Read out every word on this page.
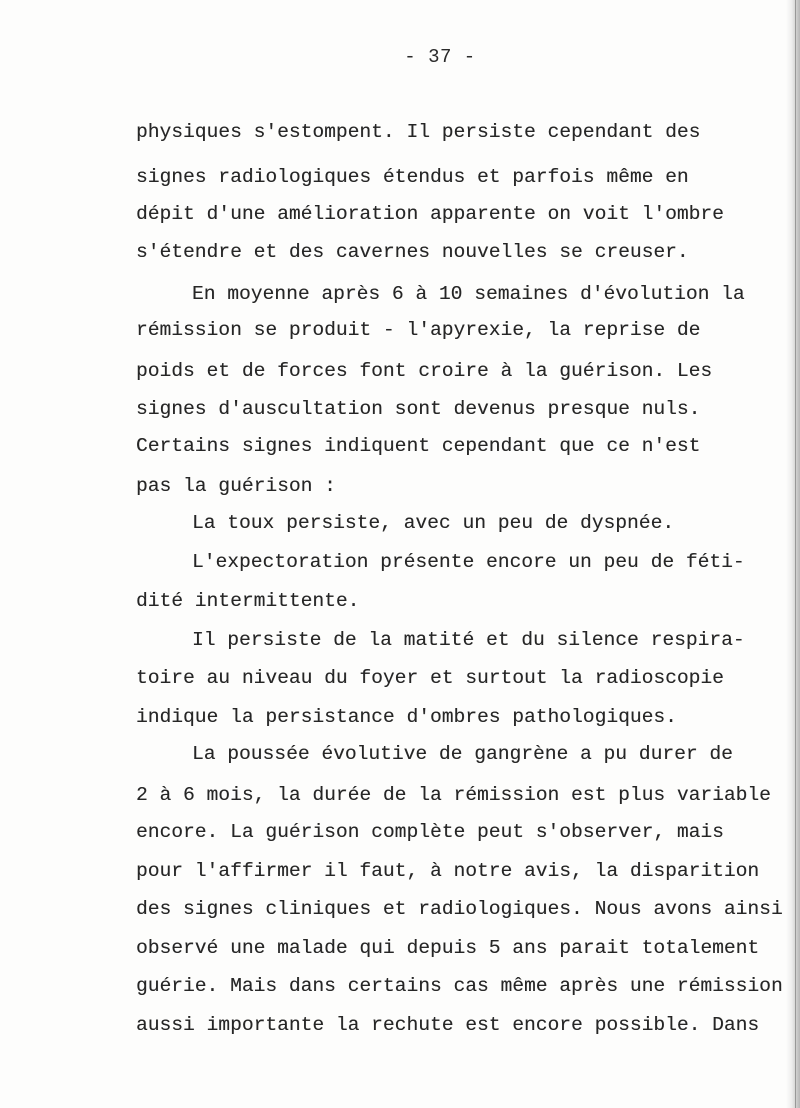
- 37 -
physiques s'estompent. Il persiste cependant des
signes radiologiques étendus et parfois même en
dépit d'une amélioration apparente on voit l'ombre
s'étendre et des cavernes nouvelles se creuser.
En moyenne après 6 à 10 semaines d'évolution la
rémission se produit - l'apyrexie, la reprise de
poids et de forces font croire à la guérison. Les
signes d'auscultation sont devenus presque nuls.
Certains signes indiquent cependant que ce n'est
pas la guérison :
La toux persiste, avec un peu de dyspnée.
L'expectoration présente encore un peu de féti-
dité intermittente.
Il persiste de la matité et du silence respira-
toire au niveau du foyer et surtout la radioscopie
indique la persistance d'ombres pathologiques.
La poussée évolutive de gangrène a pu durer de
2 à 6 mois, la durée de la rémission est plus variable
encore. La guérison complète peut s'observer, mais
pour l'affirmer il faut, à notre avis, la disparition
des signes cliniques et radiologiques. Nous avons ainsi
observé une malade qui depuis 5 ans parait totalement
guérie. Mais dans certains cas même après une rémission
aussi importante la rechute est encore possible. Dans
